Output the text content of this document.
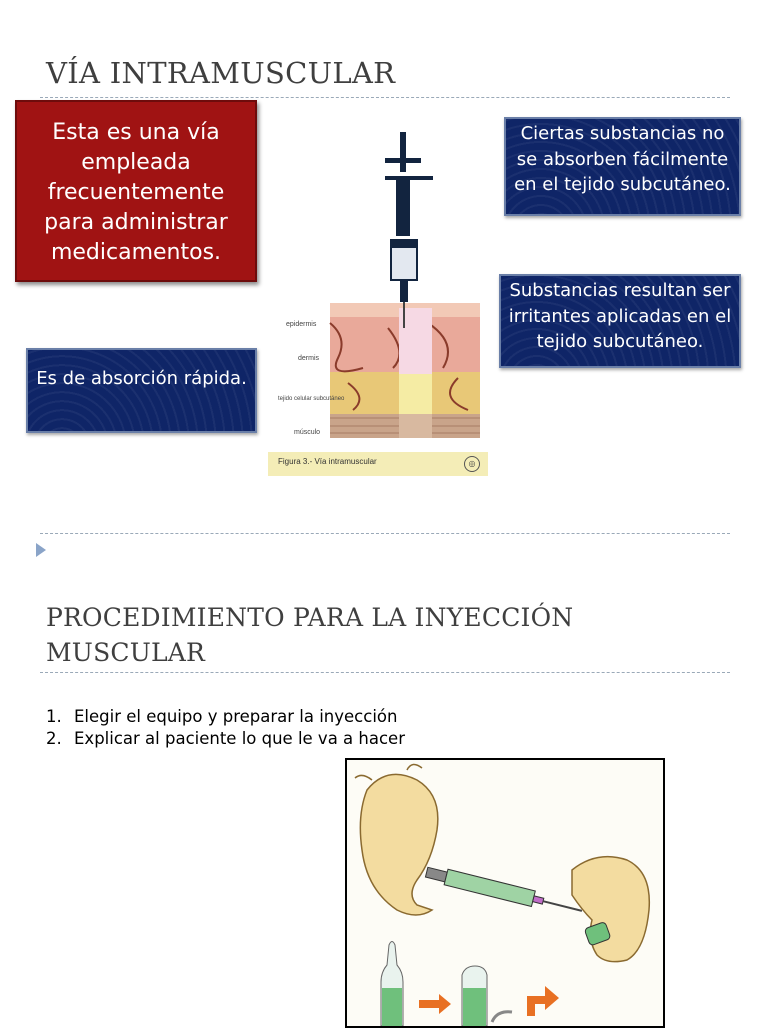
VÍA INTRAMUSCULAR
Esta es una vía empleada frecuentemente para administrar medicamentos.
Ciertas substancias no se absorben fácilmente en el tejido subcutáneo.
Substancias resultan ser irritantes aplicadas en el tejido subcutáneo.
Es de absorción rápida.
epidermis
dermis
tejido celular subcutáneo
músculo
Figura 3.- Vía intramuscular	◎
PROCEDIMIENTO PARA LA INYECCIÓN MUSCULAR
1. Elegir el equipo y preparar la inyección
2. Explicar al paciente lo que le va a hacer
